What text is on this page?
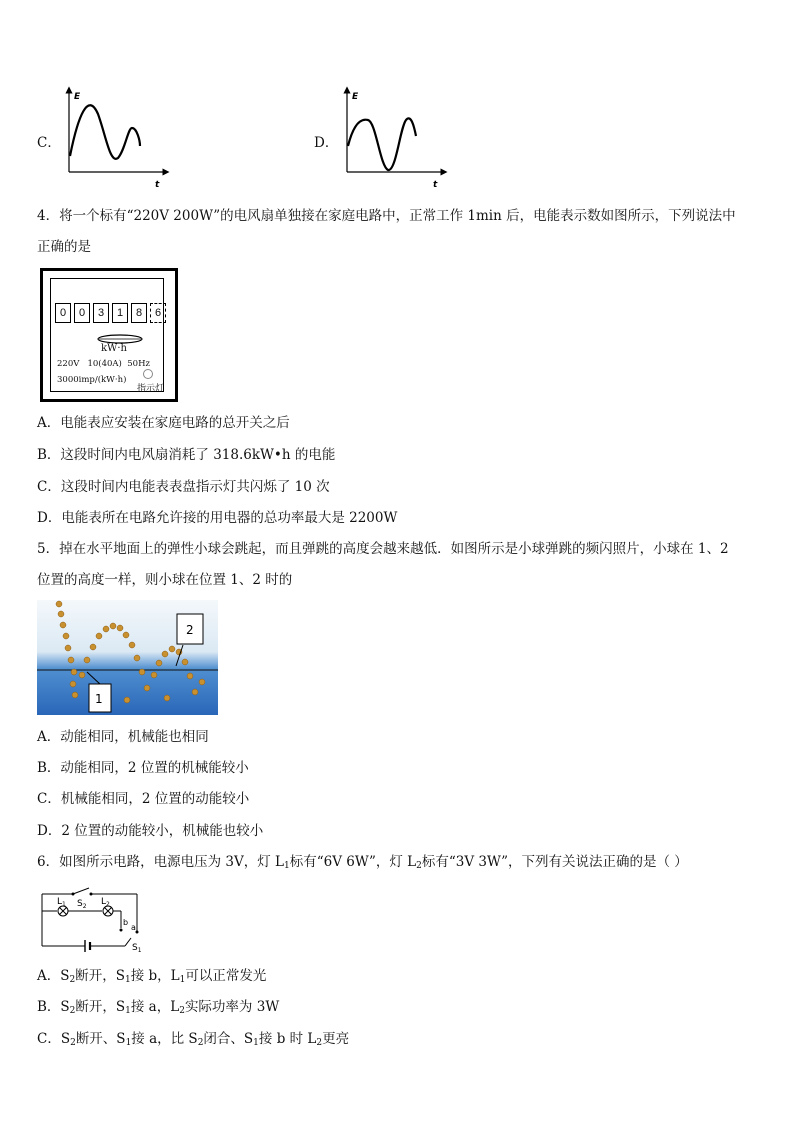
C．
E
t
D．
E
t
4．将一个标有“220V 200W”的电风扇单独接在家庭电路中，正常工作 1min 后，电能表示数如图所示，下列说法中
正确的是
0	0	3	1	8	6
kW·h
220V   10(40A)  50Hz
3000imp/(kW·h)
指示灯
A．电能表应安装在家庭电路的总开关之后
B．这段时间内电风扇消耗了 318.6kW•h 的电能
C．这段时间内电能表表盘指示灯共闪烁了 10 次
D．电能表所在电路允许接的用电器的总功率最大是 2200W
5．掉在水平地面上的弹性小球会跳起，而且弹跳的高度会越来越低．如图所示是小球弹跳的频闪照片，小球在 1、2
位置的高度一样，则小球在位置 1、2 时的
1
2
A．动能相同，机械能也相同
B．动能相同，2 位置的机械能较小
C．机械能相同，2 位置的动能较小
D．2 位置的动能较小，机械能也较小
6．如图所示电路，电源电压为 3V，灯 $L_1$标有“6V 6W”，灯 $L_2$标有“3V 3W”，下列有关说法正确的是（ ）
$L_1$ $S_2$ $L_2$
b
a
$S_1$
A．$S_2$断开，$S_1$接 b，$L_1$可以正常发光
B．$S_2$断开，$S_1$接 a，$L_2$实际功率为 3W
C．$S_2$断开、$S_1$接 a，比 $S_2$闭合、$S_1$接 b 时 $L_2$更亮
